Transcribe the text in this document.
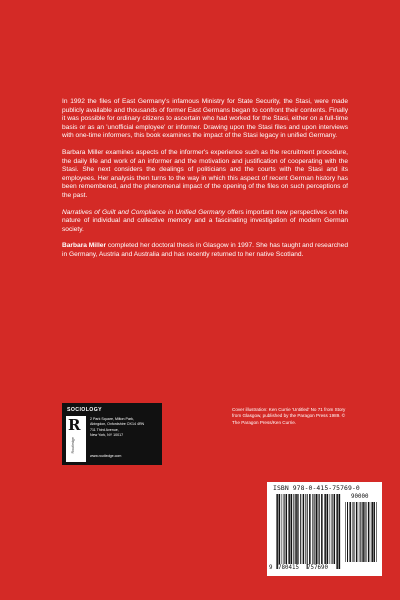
In 1992 the files of East Germany's infamous Ministry for State Security, the Stasi, were made publicly available and thousands of former East Germans began to confront their contents. Finally it was possible for ordinary citizens to ascertain who had worked for the Stasi, either on a full-time basis or as an 'unofficial employee' or informer. Drawing upon the Stasi files and upon interviews with one-time informers, this book examines the impact of the Stasi legacy in unified Germany.

Barbara Miller examines aspects of the informer's experience such as the recruitment procedure, the daily life and work of an informer and the motivation and justification of cooperating with the Stasi. She next considers the dealings of politicians and the courts with the Stasi and its employees. Her analysis then turns to the way in which this aspect of recent German history has been remembered, and the phenomenal impact of the opening of the files on such perceptions of the past.

Narratives of Guilt and Compliance in Unified Germany offers important new perspectives on the nature of individual and collective memory and a fascinating investigation of modern German society.

Barbara Miller completed her doctoral thesis in Glasgow in 1997. She has taught and researched in Germany, Austria and Australia and has recently returned to her native Scotland.

SOCIOLOGY
R
Routledge
2 Park Square, Milton Park,
Abingdon, Oxfordshire OX14 4RN
711 Third Avenue,
New York, NY 10017
www.routledge.com
Cover illustration: Ken Currie 'Untitled' No 71 from Story from Glasgow, published by the Paragon Press 1989. © The Paragon Press/Ken Currie.
ISBN 978-0-415-75769-0
9 780415 757690
90000
